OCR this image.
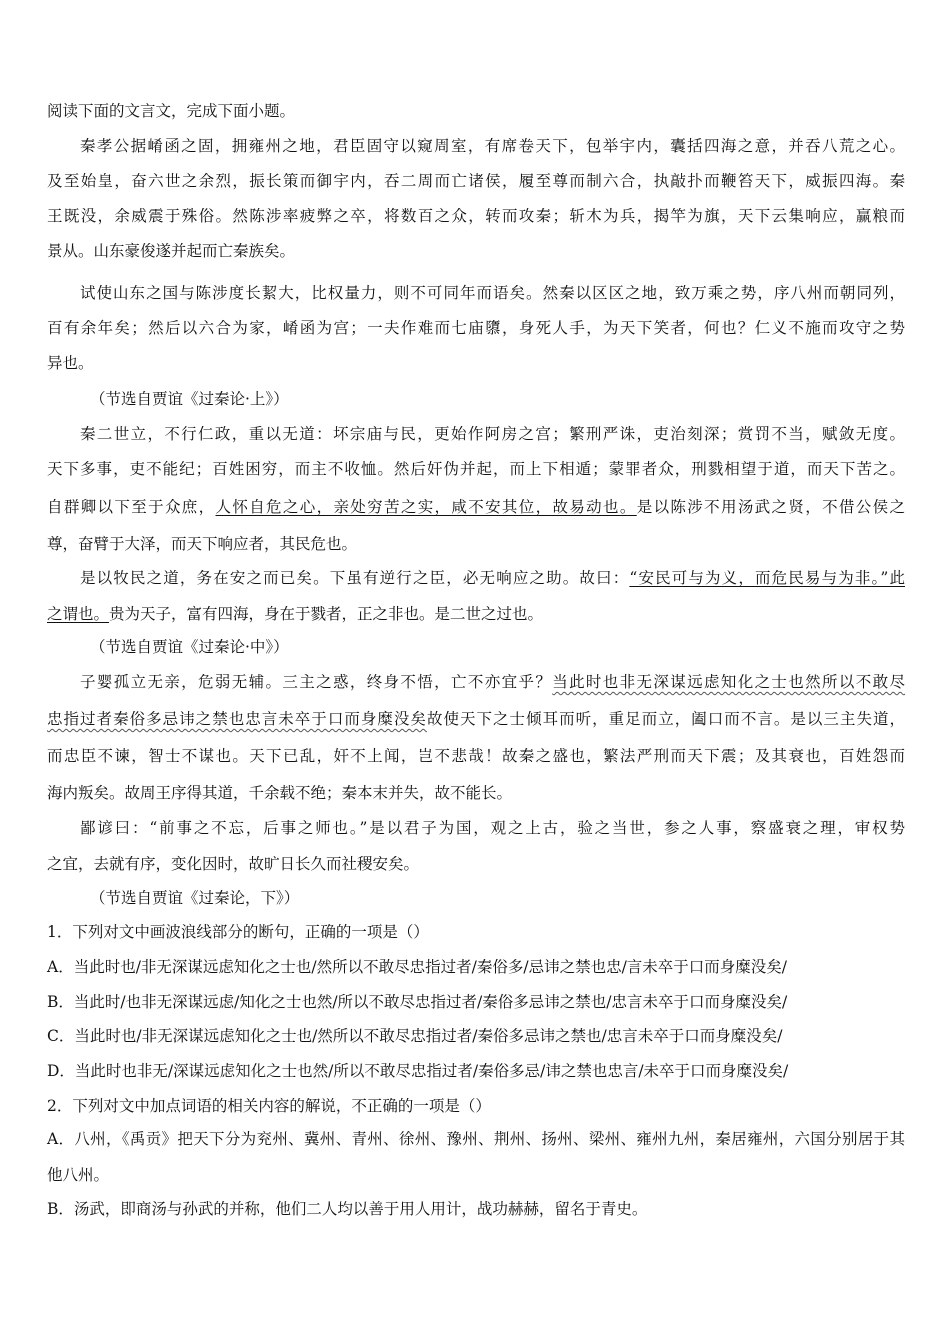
阅读下面的文言文，完成下面小题。
秦孝公据崤函之固，拥雍州之地，君臣固守以窥周室，有席卷天下，包举宇内，囊括四海之意，并吞八荒之心。
及至始皇，奋六世之余烈，振长策而御宇内，吞二周而亡诸侯，履至尊而制六合，执敲扑而鞭笞天下，威振四海。秦
王既没，余威震于殊俗。然陈涉率疲弊之卒，将数百之众，转而攻秦；斩木为兵，揭竿为旗，天下云集响应，赢粮而
景从。山东豪俊遂并起而亡秦族矣。
试使山东之国与陈涉度长絜大，比权量力，则不可同年而语矣。然秦以区区之地，致万乘之势，序八州而朝同列，
百有余年矣；然后以六合为家，崤函为宫；一夫作难而七庙隳，身死人手，为天下笑者，何也？仁义不施而攻守之势
异也。
（节选自贾谊《过秦论·上》）
秦二世立，不行仁政，重以无道：坏宗庙与民，更始作阿房之宫；繁刑严诛，吏治刻深；赏罚不当，赋敛无度。
天下多事，吏不能纪；百姓困穷，而主不收恤。然后奸伪并起，而上下相遁；蒙罪者众，刑戮相望于道，而天下苦之。
自群卿以下至于众庶，人怀自危之心，亲处穷苦之实，咸不安其位，故易动也。是以陈涉不用汤武之贤，不借公侯之
尊，奋臂于大泽，而天下响应者，其民危也。
是以牧民之道，务在安之而已矣。下虽有逆行之臣，必无响应之助。故曰：“安民可与为义，而危民易与为非。”此
之谓也。贵为天子，富有四海，身在于戮者，正之非也。是二世之过也。
（节选自贾谊《过秦论·中》）
子婴孤立无亲，危弱无辅。三主之惑，终身不悟，亡不亦宜乎？当此时也非无深谋远虑知化之士也然所以不敢尽
忠指过者秦俗多忌讳之禁也忠言未卒于口而身糜没矣故使天下之士倾耳而听，重足而立，阖口而不言。是以三主失道，
而忠臣不谏，智士不谋也。天下已乱，奸不上闻，岂不悲哉！故秦之盛也，繁法严刑而天下震；及其衰也，百姓怨而
海内叛矣。故周王序得其道，千余载不绝；秦本末并失，故不能长。
鄙谚曰：“前事之不忘，后事之师也。”是以君子为国，观之上古，验之当世，参之人事，察盛衰之理，审权势
之宜，去就有序，变化因时，故旷日长久而社稷安矣。
（节选自贾谊《过秦论，下》）
1．下列对文中画波浪线部分的断句，正确的一项是（）
A．当此时也/非无深谋远虑知化之士也/然所以不敢尽忠指过者/秦俗多/忌讳之禁也忠/言未卒于口而身糜没矣/
B．当此时/也非无深谋远虑/知化之士也然/所以不敢尽忠指过者/秦俗多忌讳之禁也/忠言未卒于口而身糜没矣/
C．当此时也/非无深谋远虑知化之士也/然所以不敢尽忠指过者/秦俗多忌讳之禁也/忠言未卒于口而身糜没矣/
D．当此时也非无/深谋远虑知化之士也然/所以不敢尽忠指过者/秦俗多忌/讳之禁也忠言/未卒于口而身糜没矣/
2．下列对文中加点词语的相关内容的解说，不正确的一项是（）
A．八州，《禹贡》把天下分为兖州、冀州、青州、徐州、豫州、荆州、扬州、梁州、雍州九州，秦居雍州，六国分别居于其
他八州。
B．汤武，即商汤与孙武的并称，他们二人均以善于用人用计，战功赫赫，留名于青史。
